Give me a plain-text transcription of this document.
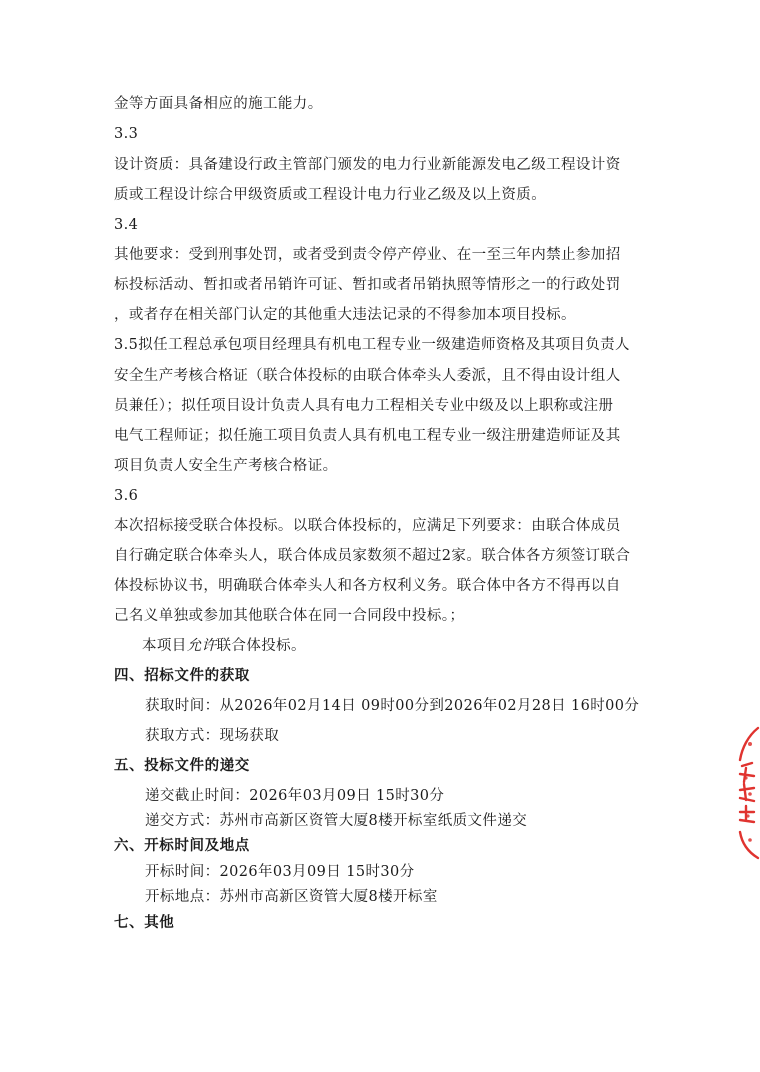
金等方面具备相应的施工能力。
3.3
设计资质：具备建设行政主管部门颁发的电力行业新能源发电乙级工程设计资
质或工程设计综合甲级资质或工程设计电力行业乙级及以上资质。
3.4
其他要求：受到刑事处罚，或者受到责令停产停业、在一至三年内禁止参加招
标投标活动、暂扣或者吊销许可证、暂扣或者吊销执照等情形之一的行政处罚
，或者存在相关部门认定的其他重大违法记录的不得参加本项目投标。
3.5拟任工程总承包项目经理具有机电工程专业一级建造师资格及其项目负责人
安全生产考核合格证（联合体投标的由联合体牵头人委派，且不得由设计组人
员兼任）；拟任项目设计负责人具有电力工程相关专业中级及以上职称或注册
电气工程师证；拟任施工项目负责人具有机电工程专业一级注册建造师证及其
项目负责人安全生产考核合格证。
3.6
本次招标接受联合体投标。以联合体投标的，应满足下列要求：由联合体成员
自行确定联合体牵头人，联合体成员家数须不超过2家。联合体各方须签订联合
体投标协议书，明确联合体牵头人和各方权利义务。联合体中各方不得再以自
己名义单独或参加其他联合体在同一合同段中投标。；
本项目允许联合体投标。
四、招标文件的获取
获取时间：从2026年02月14日 09时00分到2026年02月28日 16时00分
获取方式：现场获取
五、投标文件的递交
递交截止时间：2026年03月09日 15时30分
递交方式：苏州市高新区资管大厦8楼开标室纸质文件递交
六、开标时间及地点
开标时间：2026年03月09日 15时30分
开标地点：苏州市高新区资管大厦8楼开标室
七、其他
